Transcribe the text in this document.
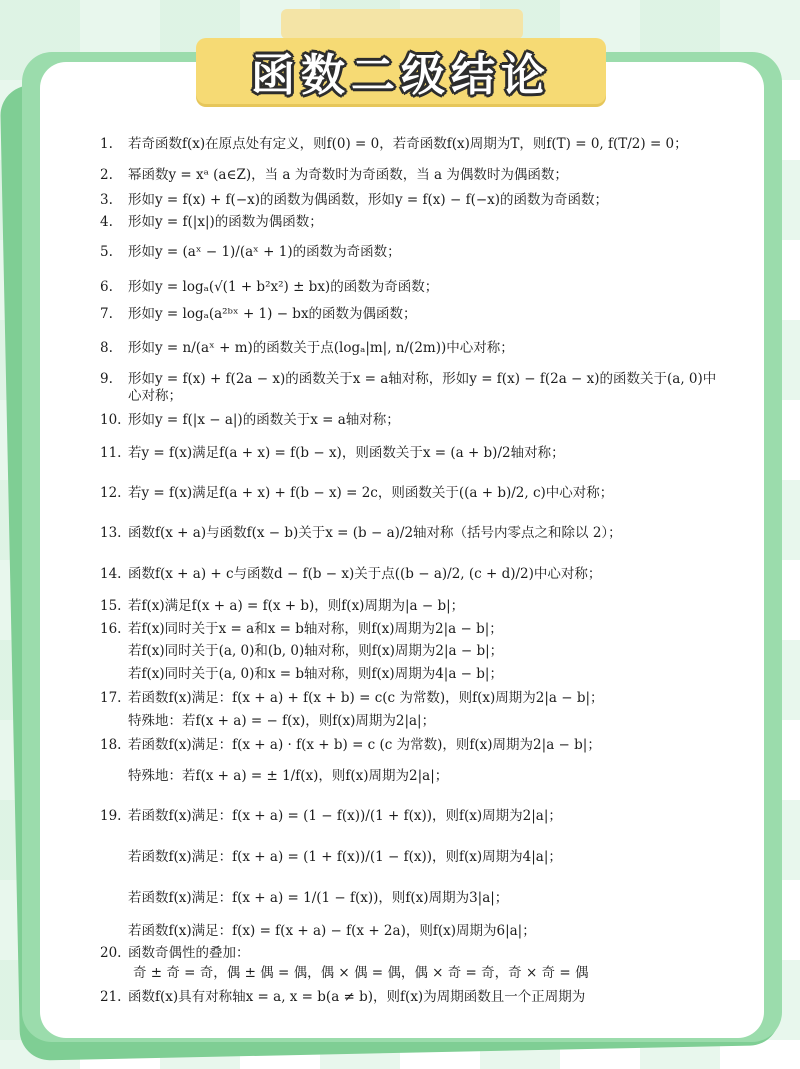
函数二级结论
1. 若奇函数f(x)在原点处有定义，则f(0) = 0，若奇函数f(x)周期为T，则f(T) = 0, f(T/2) = 0；
2. 幂函数y = xᵃ (a∈Z)，当 a 为奇数时为奇函数，当 a 为偶数时为偶函数；
3. 形如y = f(x) + f(−x)的函数为偶函数，形如y = f(x) − f(−x)的函数为奇函数；
4. 形如y = f(|x|)的函数为偶函数；
5. 形如y = (aˣ − 1)/(aˣ + 1)的函数为奇函数；
6. 形如y = logₐ(√(1 + b²x²) ± bx)的函数为奇函数；
7. 形如y = logₐ(a²ᵇˣ + 1) − bx的函数为偶函数；
8. 形如y = n/(aˣ + m)的函数关于点(logₐ|m|, n/(2m))中心对称；
9. 形如y = f(x) + f(2a − x)的函数关于x = a轴对称，形如y = f(x) − f(2a − x)的函数关于(a, 0)中
心对称；
10. 形如y = f(|x − a|)的函数关于x = a轴对称；
11. 若y = f(x)满足f(a + x) = f(b − x)，则函数关于x = (a + b)/2轴对称；
12. 若y = f(x)满足f(a + x) + f(b − x) = 2c，则函数关于((a + b)/2, c)中心对称；
13. 函数f(x + a)与函数f(x − b)关于x = (b − a)/2轴对称（括号内零点之和除以 2）；
14. 函数f(x + a) + c与函数d − f(b − x)关于点((b − a)/2, (c + d)/2)中心对称；
15. 若f(x)满足f(x + a) = f(x + b)，则f(x)周期为|a − b|；
16. 若f(x)同时关于x = a和x = b轴对称，则f(x)周期为2|a − b|；
若f(x)同时关于(a, 0)和(b, 0)轴对称，则f(x)周期为2|a − b|；
若f(x)同时关于(a, 0)和x = b轴对称，则f(x)周期为4|a − b|；
17. 若函数f(x)满足：f(x + a) + f(x + b) = c(c 为常数)，则f(x)周期为2|a − b|；
特殊地：若f(x + a) = − f(x)，则f(x)周期为2|a|；
18. 若函数f(x)满足：f(x + a) · f(x + b) = c (c 为常数)，则f(x)周期为2|a − b|；
特殊地：若f(x + a) = ± 1/f(x)，则f(x)周期为2|a|；
19. 若函数f(x)满足：f(x + a) = (1 − f(x))/(1 + f(x))，则f(x)周期为2|a|；
若函数f(x)满足：f(x + a) = (1 + f(x))/(1 − f(x))，则f(x)周期为4|a|；
若函数f(x)满足：f(x + a) = 1/(1 − f(x))，则f(x)周期为3|a|；
若函数f(x)满足：f(x) = f(x + a) − f(x + 2a)，则f(x)周期为6|a|；
20. 函数奇偶性的叠加：
奇 ± 奇 = 奇，偶 ± 偶 = 偶，偶 × 偶 = 偶，偶 × 奇 = 奇，奇 × 奇 = 偶
21. 函数f(x)具有对称轴x = a, x = b(a ≠ b)，则f(x)为周期函数且一个正周期为
